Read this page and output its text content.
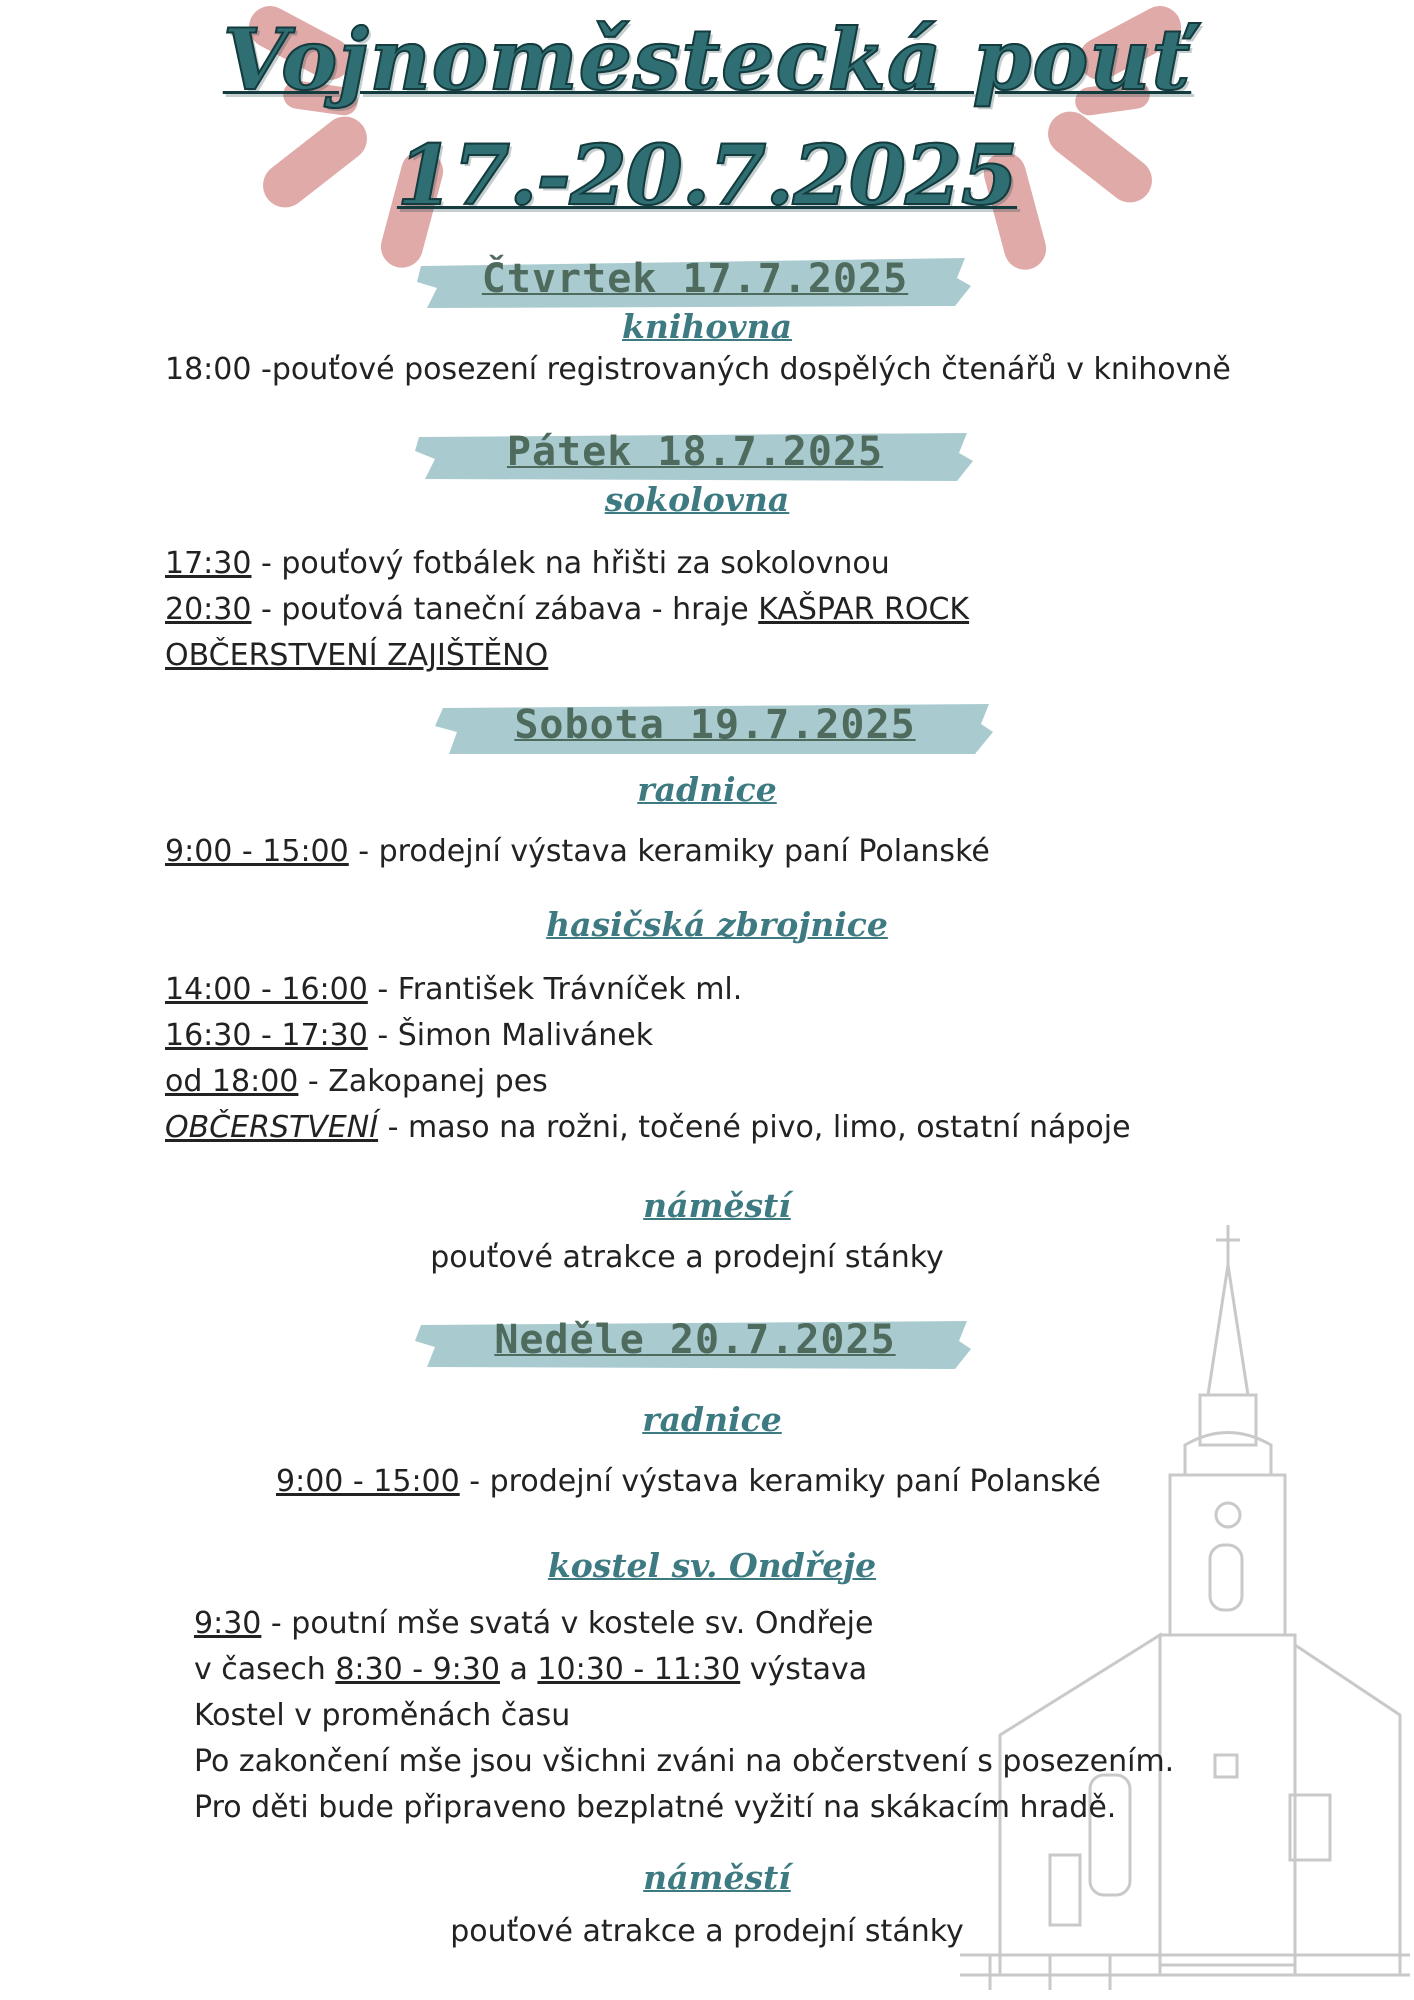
Vojnoměstecká pouť
17.-20.7.2025
Čtvrtek 17.7.2025
knihovna
18:00 -pouťové posezení registrovaných dospělých čtenářů v knihovně
Pátek 18.7.2025
sokolovna
17:30 - pouťový fotbálek na hřišti za sokolovnou
20:30 - pouťová taneční zábava - hraje KAŠPAR ROCK
OBČERSTVENÍ ZAJIŠTĚNO
Sobota 19.7.2025
radnice
9:00 - 15:00 - prodejní výstava keramiky paní Polanské
hasičská zbrojnice
14:00 - 16:00 - František Trávníček ml.
16:30 - 17:30 - Šimon Malivánek
od 18:00 - Zakopanej pes
OBČERSTVENÍ - maso na rožni, točené pivo, limo, ostatní nápoje
náměstí
pouťové atrakce a prodejní stánky
Neděle 20.7.2025
radnice
9:00 - 15:00 - prodejní výstava keramiky paní Polanské
kostel sv. Ondřeje
9:30 - poutní mše svatá v kostele sv. Ondřeje
v časech 8:30 - 9:30 a 10:30 - 11:30 výstava
Kostel v proměnách času
Po zakončení mše jsou všichni zváni na občerstvení s posezením.
Pro děti bude připraveno bezplatné vyžití na skákacím hradě.
náměstí
pouťové atrakce a prodejní stánky
